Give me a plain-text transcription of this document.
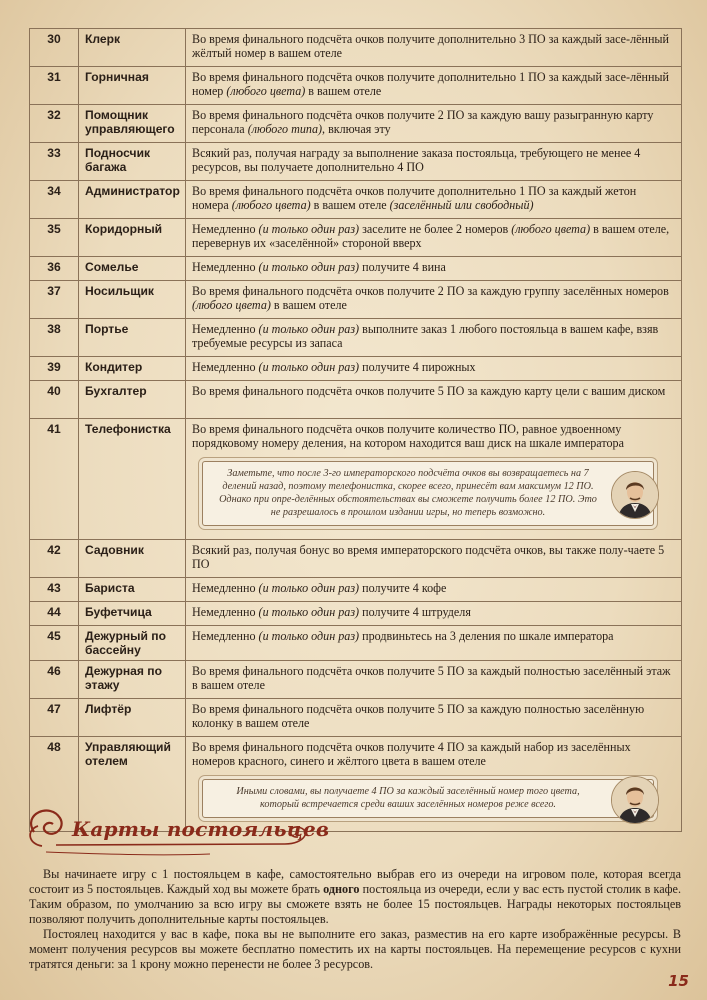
30	Клерк	Во время финального подсчёта очков получите дополнительно 3 ПО за каждый засе-лённый жёлтый номер в вашем отеле

31	Горничная	Во время финального подсчёта очков получите дополнительно 1 ПО за каждый засе-лённый номер (любого цвета) в вашем отеле

32	Помощник управляющего	Во время финального подсчёта очков получите 2 ПО за каждую вашу разыгранную карту персонала (любого типа), включая эту

33	Подносчик багажа	Всякий раз, получая награду за выполнение заказа постояльца, требующего не менее 4 ресурсов, вы получаете дополнительно 4 ПО

34	Администратор	Во время финального подсчёта очков получите дополнительно 1 ПО за каждый жетон номера (любого цвета) в вашем отеле (заселённый или свободный)

35	Коридорный	Немедленно (и только один раз) заселите не более 2 номеров (любого цвета) в вашем отеле, перевернув их «заселённой» стороной вверх

36	Сомелье	Немедленно (и только один раз) получите 4 вина

37	Носильщик	Во время финального подсчёта очков получите 2 ПО за каждую группу заселённых номеров (любого цвета) в вашем отеле

38	Портье	Немедленно (и только один раз) выполните заказ 1 любого постояльца в вашем кафе, взяв требуемые ресурсы из запаса

39	Кондитер	Немедленно (и только один раз) получите 4 пирожных

40	Бухгалтер	Во время финального подсчёта очков получите 5 ПО за каждую карту цели с вашим диском

41	Телефонистка	Во время финального подсчёта очков получите количество ПО, равное удвоенному порядковому номеру деления, на котором находится ваш диск на шкале императора
Заметьте, что после 3-го императорского подсчёта очков вы возвращаетесь на 7 делений назад, поэтому телефонистка, скорее всего, принесёт вам максимум 12 ПО. Однако при опре-делённых обстоятельствах вы сможете получить более 12 ПО. Это не разрешалось в прошлом издании игры, но теперь возможно.

42	Садовник	Всякий раз, получая бонус во время императорского подсчёта очков, вы также полу-чаете 5 ПО

43	Бариста	Немедленно (и только один раз) получите 4 кофе

44	Буфетчица	Немедленно (и только один раз) получите 4 штруделя

45	Дежурный по бассейну	Немедленно (и только один раз) продвиньтесь на 3 деления по шкале императора

46	Дежурная по этажу	Во время финального подсчёта очков получите 5 ПО за каждый полностью заселённый этаж в вашем отеле

47	Лифтёр	Во время финального подсчёта очков получите 5 ПО за каждую полностью заселённую колонку в вашем отеле

48	Управляющий отелем	Во время финального подсчёта очков получите 4 ПО за каждый набор из заселённых номеров красного, синего и жёлтого цвета в вашем отеле
Иными словами, вы получаете 4 ПО за каждый заселённый номер того цвета, который встречается среди ваших заселённых номеров реже всего.
Карты постояльцев

Вы начинаете игру с 1 постояльцем в кафе, самостоятельно выбрав его из очереди на игровом поле, которая всегда состоит из 5 постояльцев. Каждый ход вы можете брать одного постояльца из очереди, если у вас есть пустой столик в кафе. Таким образом, по умолчанию за всю игру вы сможете взять не более 15 постояльцев. Награды некоторых постояльцев позволяют получить дополнительные карты постояльцев.

Постоялец находится у вас в кафе, пока вы не выполните его заказ, разместив на его карте изображённые ресурсы. В момент получения ресурсов вы можете бесплатно поместить их на карты постояльцев. На перемещение ресурсов с кухни тратятся деньги: за 1 крону можно перенести не более 3 ресурсов.

15
